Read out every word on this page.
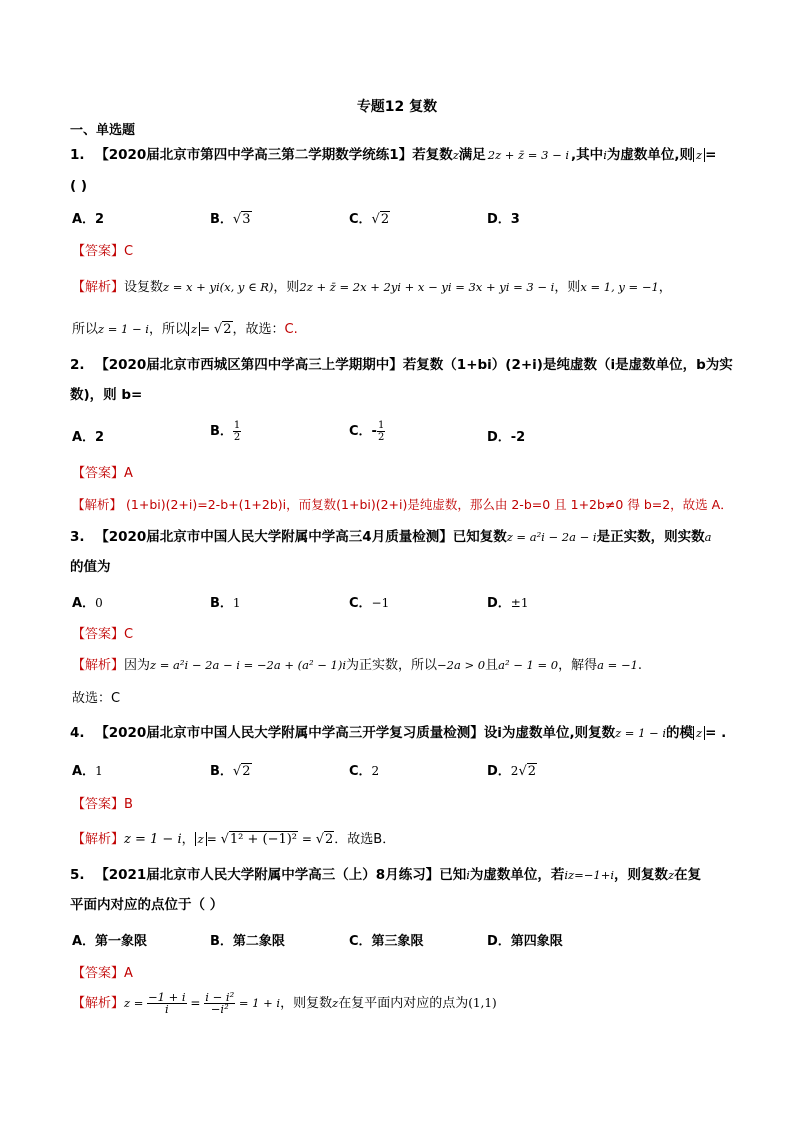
专题12 复数
一、单选题
1. 【2020届北京市第四中学高三第二学期数学统练1】若复数z满足 2z + z̄ = 3 − i ,其中i为虚数单位,则 z =
( )
A．2	B．√3	C．√2	D．3
【答案】C
【解析】设复数z = x + yi(x, y ∈ R)，则2z + z̄ = 2x + 2yi + x − yi = 3x + yi = 3 − i，则x = 1, y = −1，
所以z = 1 − i，所以 z = √2，故选：C.
2. 【2020届北京市西城区第四中学高三上学期期中】若复数（1+bi）(2+i)是纯虚数（i是虚数单位，b为实
数)，则 b=
A．2	B． $\frac{1}{2}$	C．- $\frac{1}{2}$	D．-2
【答案】A
【解析】 (1+bi)(2+i)=2-b+(1+2b)i，而复数(1+bi)(2+i)是纯虚数，那么由 2-b=0 且 1+2b≠0 得 b=2，故选 A．
3. 【2020届北京市中国人民大学附属中学高三4月质量检测】已知复数z = a²i − 2a − i是正实数，则实数a
的值为
A．0	B．1	C．−1	D．±1
【答案】C
【解析】因为z = a²i − 2a − i = −2a + (a² − 1)i为正实数，所以−2a > 0且a² − 1 = 0，解得a = −1.
故选：C
4. 【2020届北京市中国人民大学附属中学高三开学复习质量检测】设i为虚数单位,则复数z = 1 − i的模 z = .
A．1	B．√2	C．2	D．2√2
【答案】B
【解析】z = 1 − i， z = √1² + (−1)² = √2．故选B．
5. 【2021届北京市人民大学附属中学高三（上）8月练习】已知i为虚数单位，若iz=−1+i，则复数z在复
平面内对应的点位于（ ）
A．第一象限	B．第二象限	C．第三象限	D．第四象限
【答案】A
【解析】$z = \frac{-1 + i}{i} = \frac{\text{i − i²}}{\text{−i²}} = 1 + i$，则复数z在复平面内对应的点为(1,1)
